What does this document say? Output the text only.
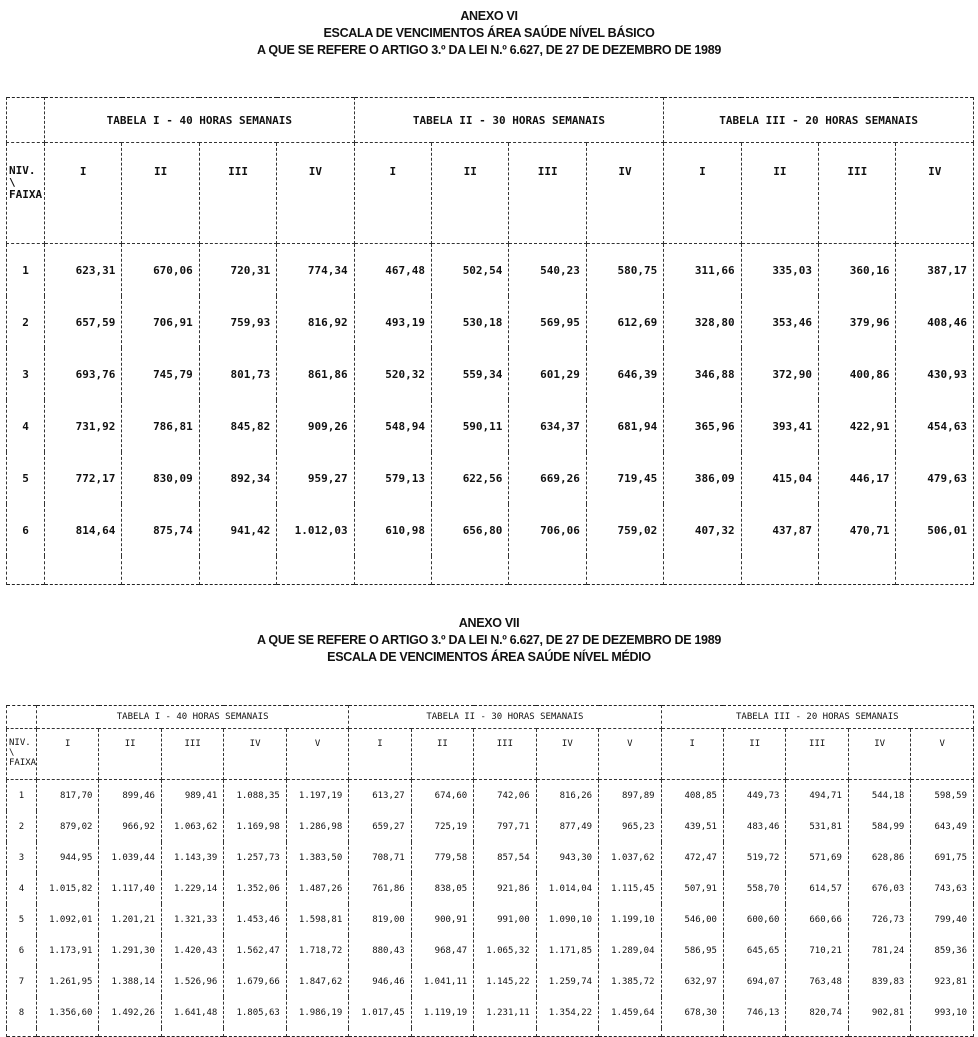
ANEXO VI
ESCALA DE VENCIMENTOS ÁREA SAÚDE NÍVEL BÁSICO
A QUE SE REFERE O ARTIGO 3.º DA LEI N.º 6.627, DE 27 DE DEZEMBRO DE 1989
	TABELA I - 40 HORAS SEMANAIS				TABELA II - 30 HORAS SEMANAIS				TABELA III - 20 HORAS SEMANAIS			

NIV.
\
FAIXA	I	II	III	IV	I	II	III	IV	I	II	III	IV
1	623,31	670,06	720,31	774,34	467,48	502,54	540,23	580,75	311,66	335,03	360,16	387,17
2	657,59	706,91	759,93	816,92	493,19	530,18	569,95	612,69	328,80	353,46	379,96	408,46
3	693,76	745,79	801,73	861,86	520,32	559,34	601,29	646,39	346,88	372,90	400,86	430,93
4	731,92	786,81	845,82	909,26	548,94	590,11	634,37	681,94	365,96	393,41	422,91	454,63
5	772,17	830,09	892,34	959,27	579,13	622,56	669,26	719,45	386,09	415,04	446,17	479,63
6	814,64	875,74	941,42	1.012,03	610,98	656,80	706,06	759,02	407,32	437,87	470,71	506,01

ANEXO VII
A QUE SE REFERE O ARTIGO 3.º DA LEI N.º 6.627, DE 27 DE DEZEMBRO DE 1989
ESCALA DE VENCIMENTOS ÁREA SAÚDE NÍVEL MÉDIO
	TABELA I - 40 HORAS SEMANAIS					TABELA II - 30 HORAS SEMANAIS					TABELA III - 20 HORAS SEMANAIS				

NIV.
\
FAIXA	I	II	III	IV	V	I	II	III	IV	V	I	II	III	IV	V
1	817,70	899,46	989,41	1.088,35	1.197,19	613,27	674,60	742,06	816,26	897,89	408,85	449,73	494,71	544,18	598,59
2	879,02	966,92	1.063,62	1.169,98	1.286,98	659,27	725,19	797,71	877,49	965,23	439,51	483,46	531,81	584,99	643,49
3	944,95	1.039,44	1.143,39	1.257,73	1.383,50	708,71	779,58	857,54	943,30	1.037,62	472,47	519,72	571,69	628,86	691,75
4	1.015,82	1.117,40	1.229,14	1.352,06	1.487,26	761,86	838,05	921,86	1.014,04	1.115,45	507,91	558,70	614,57	676,03	743,63
5	1.092,01	1.201,21	1.321,33	1.453,46	1.598,81	819,00	900,91	991,00	1.090,10	1.199,10	546,00	600,60	660,66	726,73	799,40
6	1.173,91	1.291,30	1.420,43	1.562,47	1.718,72	880,43	968,47	1.065,32	1.171,85	1.289,04	586,95	645,65	710,21	781,24	859,36
7	1.261,95	1.388,14	1.526,96	1.679,66	1.847,62	946,46	1.041,11	1.145,22	1.259,74	1.385,72	632,97	694,07	763,48	839,83	923,81
8	1.356,60	1.492,26	1.641,48	1.805,63	1.986,19	1.017,45	1.119,19	1.231,11	1.354,22	1.459,64	678,30	746,13	820,74	902,81	993,10
